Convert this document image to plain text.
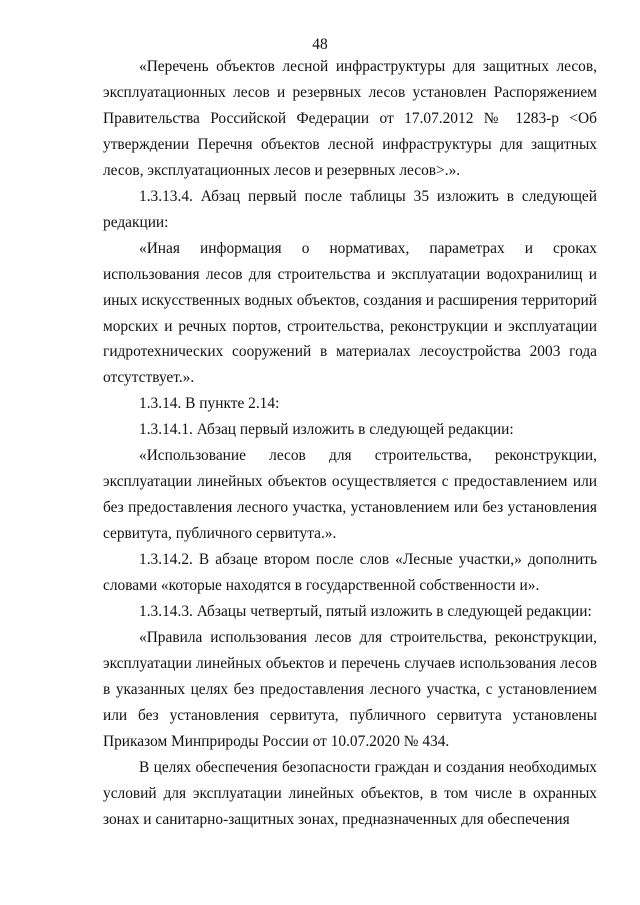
48

«Перечень объектов лесной инфраструктуры для защитных лесов, эксплуатационных лесов и резервных лесов установлен Распоряжением Правительства Российской Федерации от 17.07.2012 № 1283-р <Об утверждении Перечня объектов лесной инфраструктуры для защитных лесов, эксплуатационных лесов и резервных лесов>.».

1.3.13.4. Абзац первый после таблицы 35 изложить в следующей редакции:

«Иная информация о нормативах, параметрах и сроках использования лесов для строительства и эксплуатации водохранилищ и иных искусственных водных объектов, создания и расширения территорий морских и речных портов, строительства, реконструкции и эксплуатации гидротехнических сооружений в материалах лесоустройства 2003 года отсутствует.».

1.3.14. В пункте 2.14:

1.3.14.1. Абзац первый изложить в следующей редакции:

«Использование лесов для строительства, реконструкции, эксплуатации линейных объектов осуществляется с предоставлением или без предоставления лесного участка, установлением или без установления сервитута, публичного сервитута.».

1.3.14.2. В абзаце втором после слов «Лесные участки,» дополнить словами «которые находятся в государственной собственности и».

1.3.14.3. Абзацы четвертый, пятый изложить в следующей редакции:

«Правила использования лесов для строительства, реконструкции, эксплуатации линейных объектов и перечень случаев использования лесов в указанных целях без предоставления лесного участка, с установлением или без установления сервитута, публичного сервитута установлены Приказом Минприроды России от 10.07.2020 № 434.

В целях обеспечения безопасности граждан и создания необходимых условий для эксплуатации линейных объектов, в том числе в охранных зонах и санитарно-защитных зонах, предназначенных для обеспечения
